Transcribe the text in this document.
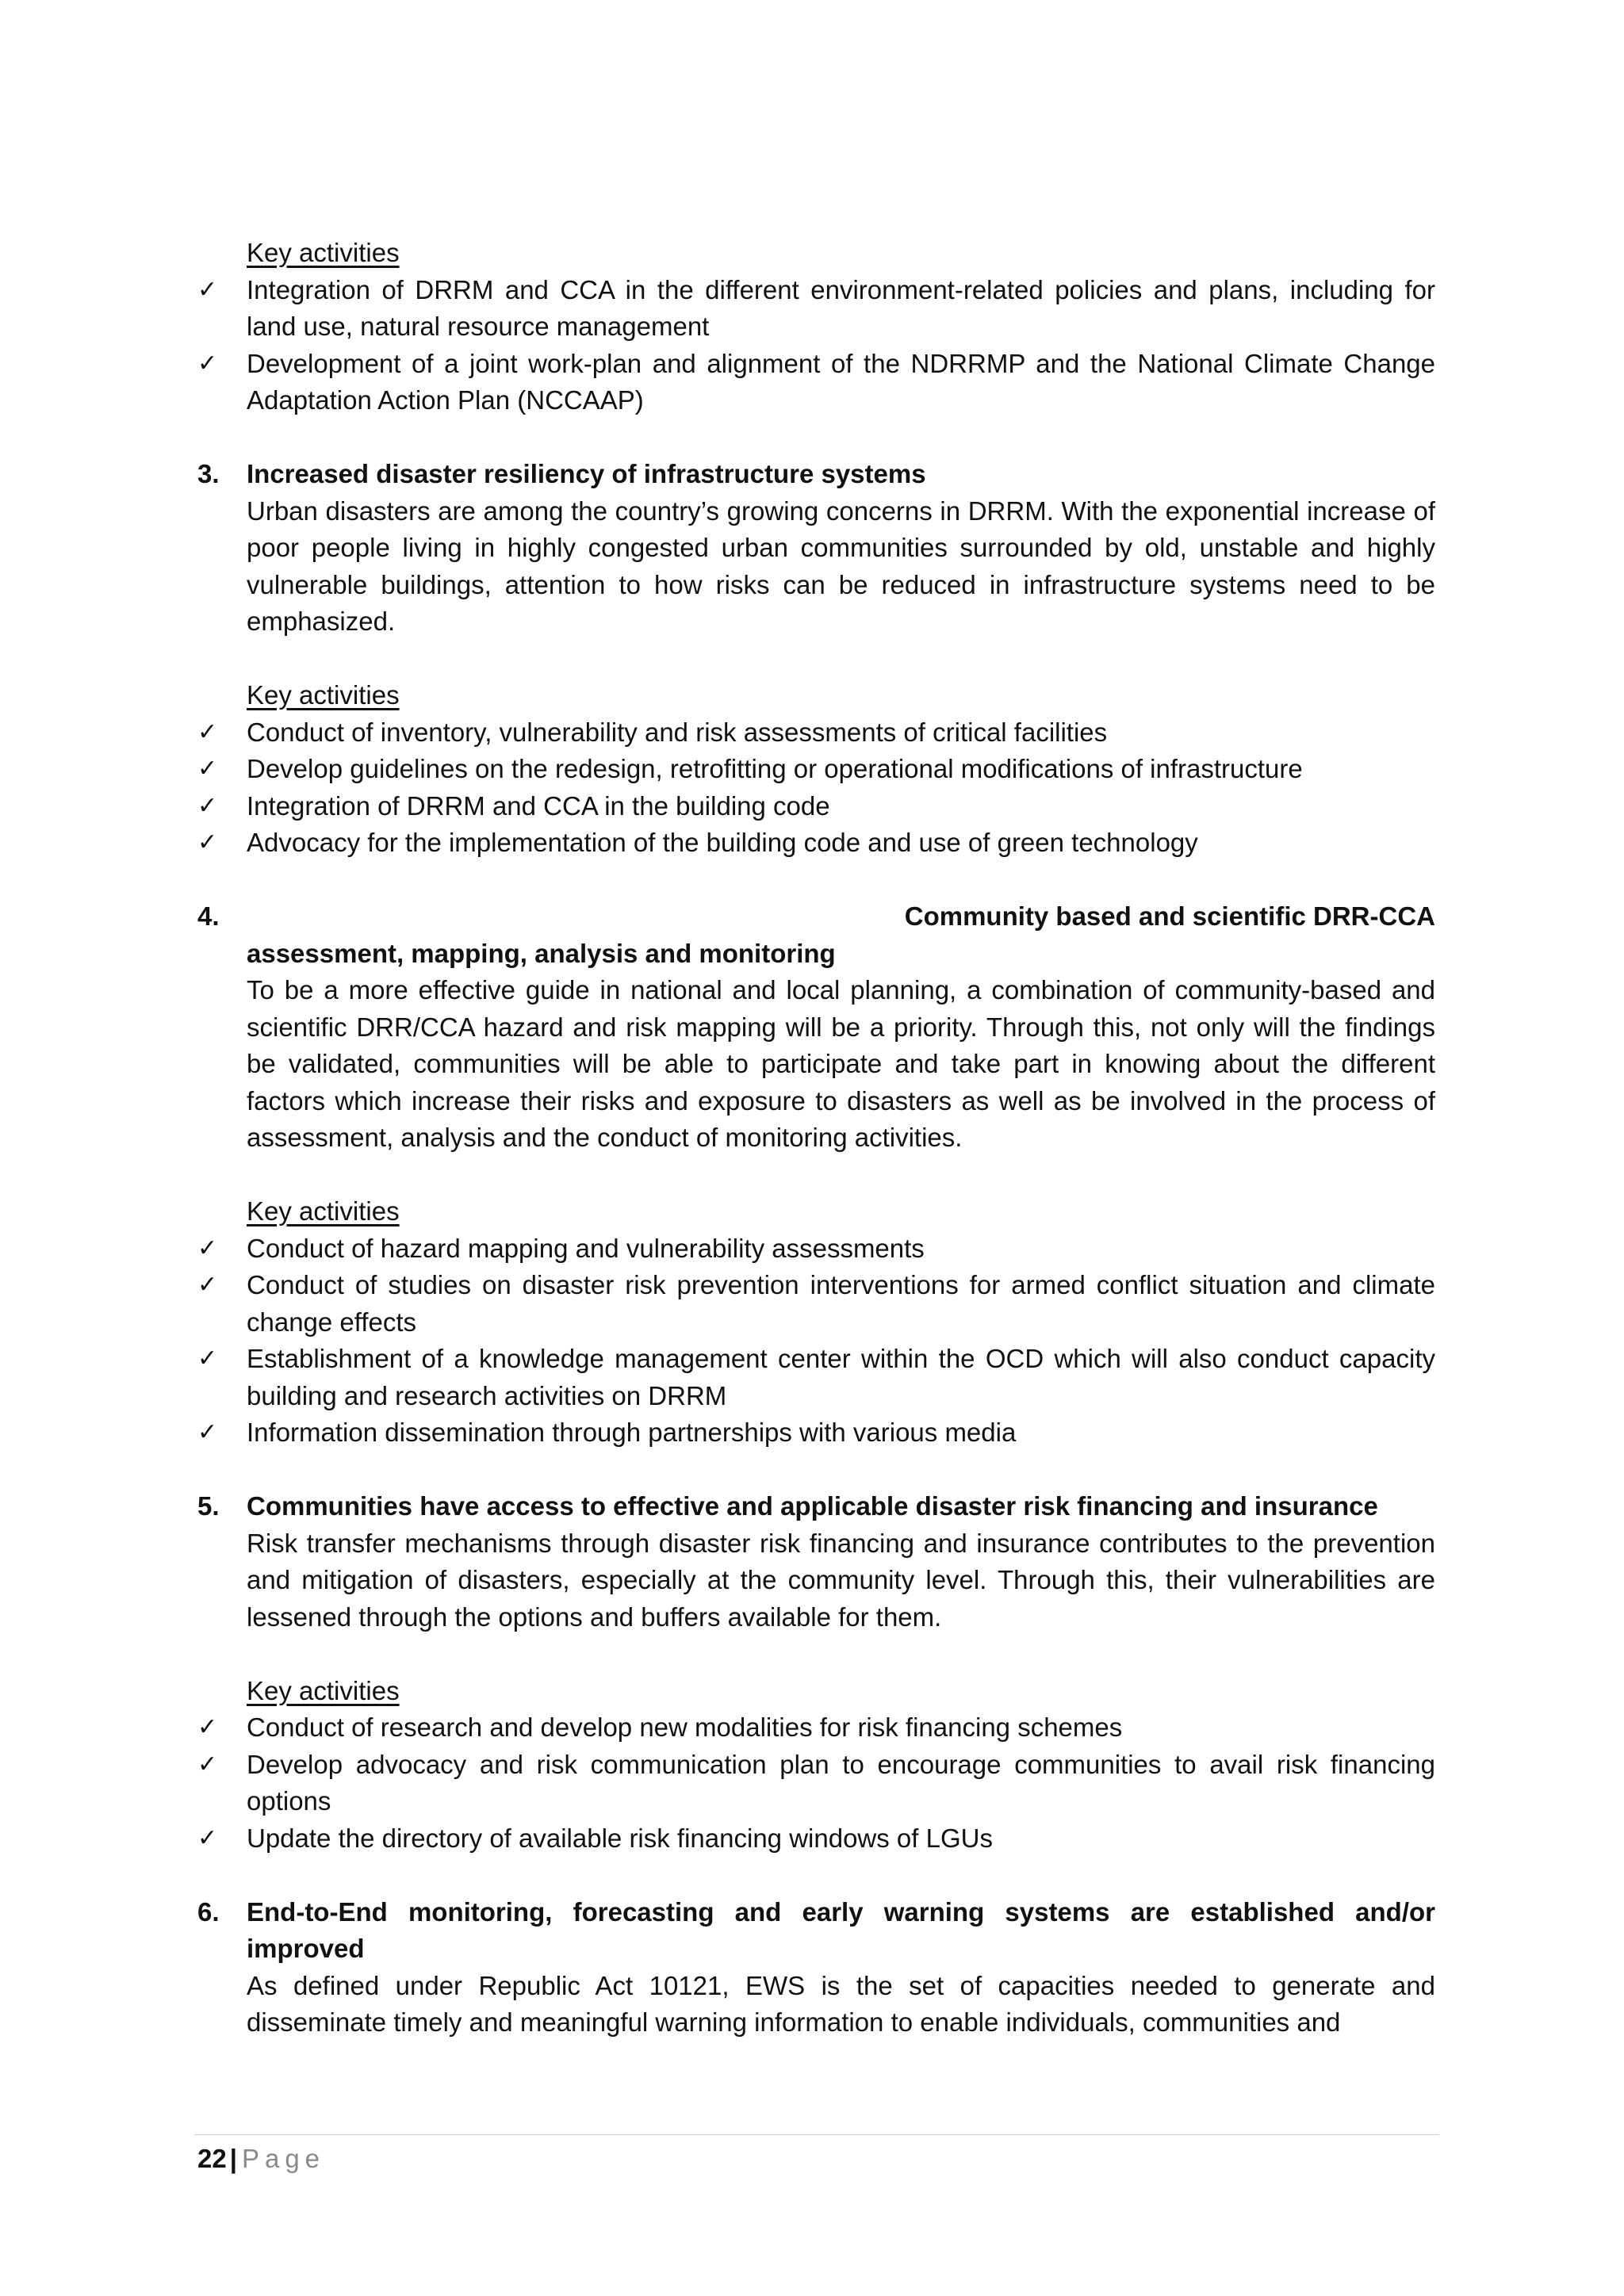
Key activities

✓ Integration of DRRM and CCA in the different environment-related policies and plans, including for land use, natural resource management
✓ Development of a joint work-plan and alignment of the NDRRMP and the National Climate Change Adaptation Action Plan (NCCAAP)
3. Increased disaster resiliency of infrastructure systems

Urban disasters are among the country’s growing concerns in DRRM. With the exponential increase of poor people living in highly congested urban communities surrounded by old, unstable and highly vulnerable buildings, attention to how risks can be reduced in infrastructure systems need to be emphasized.

Key activities

✓ Conduct of inventory, vulnerability and risk assessments of critical facilities
✓ Develop guidelines on the redesign, retrofitting or operational modifications of infrastructure
✓ Integration of DRRM and CCA in the building code
✓ Advocacy for the implementation of the building code and use of green technology
4.	Community based and scientific DRR-CCA

assessment, mapping, analysis and monitoring

To be a more effective guide in national and local planning, a combination of community-based and scientific DRR/CCA hazard and risk mapping will be a priority. Through this, not only will the findings be validated, communities will be able to participate and take part in knowing about the different factors which increase their risks and exposure to disasters as well as be involved in the process of assessment, analysis and the conduct of monitoring activities.

Key activities

✓ Conduct of hazard mapping and vulnerability assessments
✓ Conduct of studies on disaster risk prevention interventions for armed conflict situation and climate change effects
✓ Establishment of a knowledge management center within the OCD which will also conduct capacity building and research activities on DRRM
✓ Information dissemination through partnerships with various media
5. Communities have access to effective and applicable disaster risk financing and insurance

Risk transfer mechanisms through disaster risk financing and insurance contributes to the prevention and mitigation of disasters, especially at the community level. Through this, their vulnerabilities are lessened through the options and buffers available for them.

Key activities

✓ Conduct of research and develop new modalities for risk financing schemes
✓ Develop advocacy and risk communication plan to encourage communities to avail risk financing options
✓ Update the directory of available risk financing windows of LGUs
6. End-to-End monitoring, forecasting and early warning systems are established and/or improved

As defined under Republic Act 10121, EWS is the set of capacities needed to generate and disseminate timely and meaningful warning information to enable individuals, communities and

22 | Page
